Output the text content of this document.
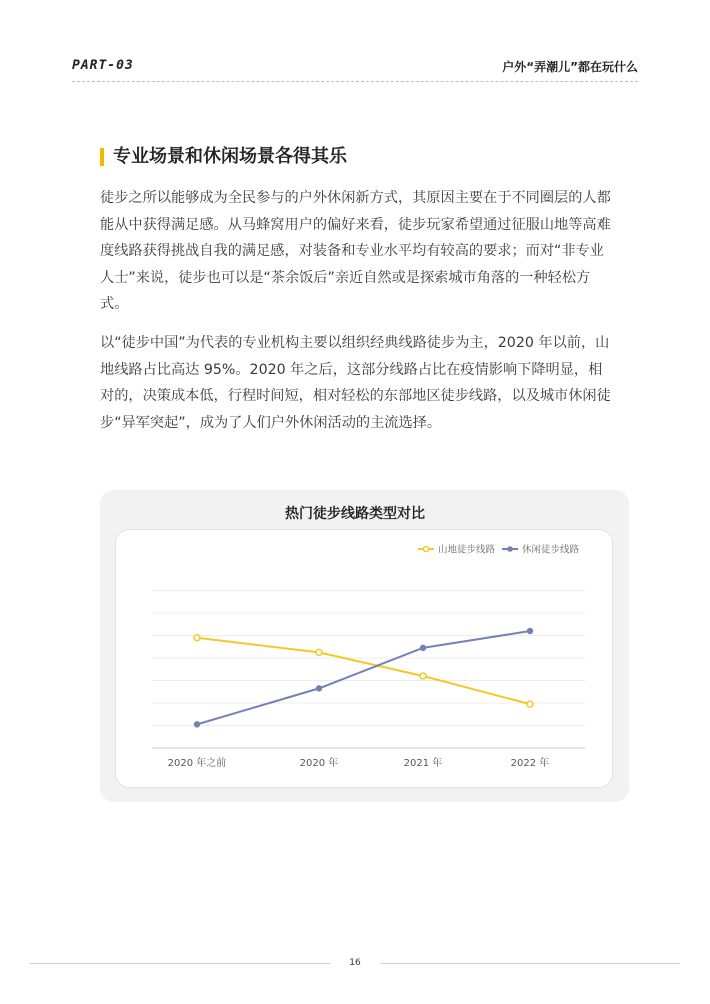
PART-03	户外“弄潮儿”都在玩什么
专业场景和休闲场景各得其乐

徒步之所以能够成为全民参与的户外休闲新方式，其原因主要在于不同圈层的人都能从中获得满足感。从马蜂窝用户的偏好来看，徒步玩家希望通过征服山地等高难度线路获得挑战自我的满足感，对装备和专业水平均有较高的要求；而对“非专业人士”来说，徒步也可以是“茶余饭后”亲近自然或是探索城市角落的一种轻松方式。

以“徒步中国”为代表的专业机构主要以组织经典线路徒步为主，2020 年以前，山地线路占比高达 95%。2020 年之后，这部分线路占比在疫情影响下降明显，相对的，决策成本低，行程时间短，相对轻松的东部地区徒步线路，以及城市休闲徒步“异军突起”，成为了人们户外休闲活动的主流选择。

热门徒步线路类型对比
2020 年之前	2020 年	2021 年	2022 年
山地徒步线路	休闲徒步线路
16
